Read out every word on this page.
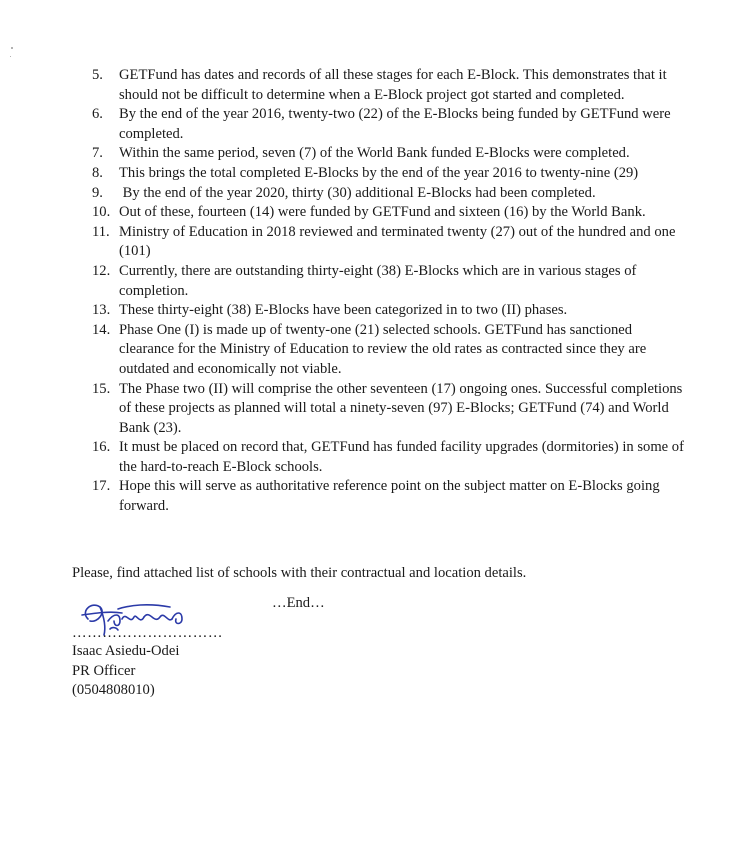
5.	GETFund has dates and records of all these stages for each E-Block. This demonstrates that it should not be difficult to determine when a E-Block project got started and completed.
6.	By the end of the year 2016, twenty-two (22) of the E-Blocks being funded by GETFund were completed.
7.	Within the same period, seven (7) of the World Bank funded E-Blocks were completed.
8.	This brings the total completed E-Blocks by the end of the year 2016 to twenty-nine (29)
9.	By the end of the year 2020, thirty (30) additional E-Blocks had been completed.
10. Out of these, fourteen (14) were funded by GETFund and sixteen (16) by the World Bank.
11. Ministry of Education in 2018 reviewed and terminated twenty (27) out of the hundred and one (101)
12. Currently, there are outstanding thirty-eight (38) E-Blocks which are in various stages of completion.
13. These thirty-eight (38) E-Blocks have been categorized in to two (II) phases.
14. Phase One (I) is made up of twenty-one (21) selected schools. GETFund has sanctioned clearance for the Ministry of Education to review the old rates as contracted since they are outdated and economically not viable.
15. The Phase two (II) will comprise the other seventeen (17) ongoing ones. Successful completions of these projects as planned will total a ninety-seven (97) E-Blocks; GETFund (74) and World Bank (23).
16. It must be placed on record that, GETFund has funded facility upgrades (dormitories) in some of the hard-to-reach E-Block schools.
17. Hope this will serve as authoritative reference point on the subject matter on E-Blocks going forward.
Please, find attached list of schools with their contractual and location details.
…End…
…………………………
Isaac Asiedu-Odei
PR Officer
(0504808010)
